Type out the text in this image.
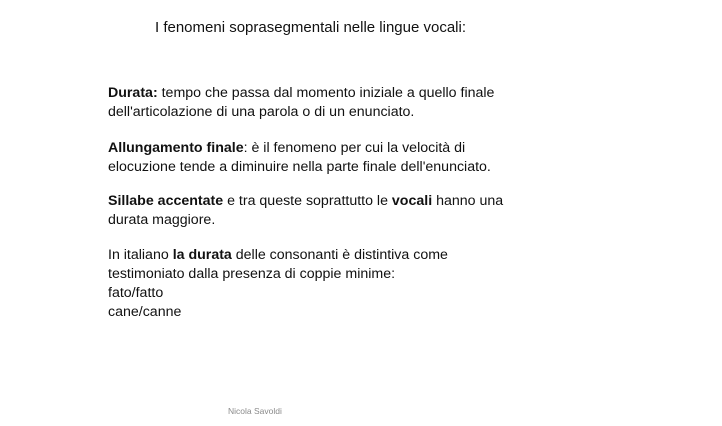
I fenomeni soprasegmentali nelle lingue vocali:
Durata: tempo che passa dal momento iniziale a quello finale
dell'articolazione di una parola o di un enunciato.
Allungamento finale: è il fenomeno per cui la velocità di
elocuzione tende a diminuire nella parte finale dell'enunciato.
Sillabe accentate e tra queste soprattutto le vocali hanno una
durata maggiore.
In italiano la durata delle consonanti è distintiva come
testimoniato dalla presenza di coppie minime:
fato/fatto
cane/canne
Nicola Savoldi
